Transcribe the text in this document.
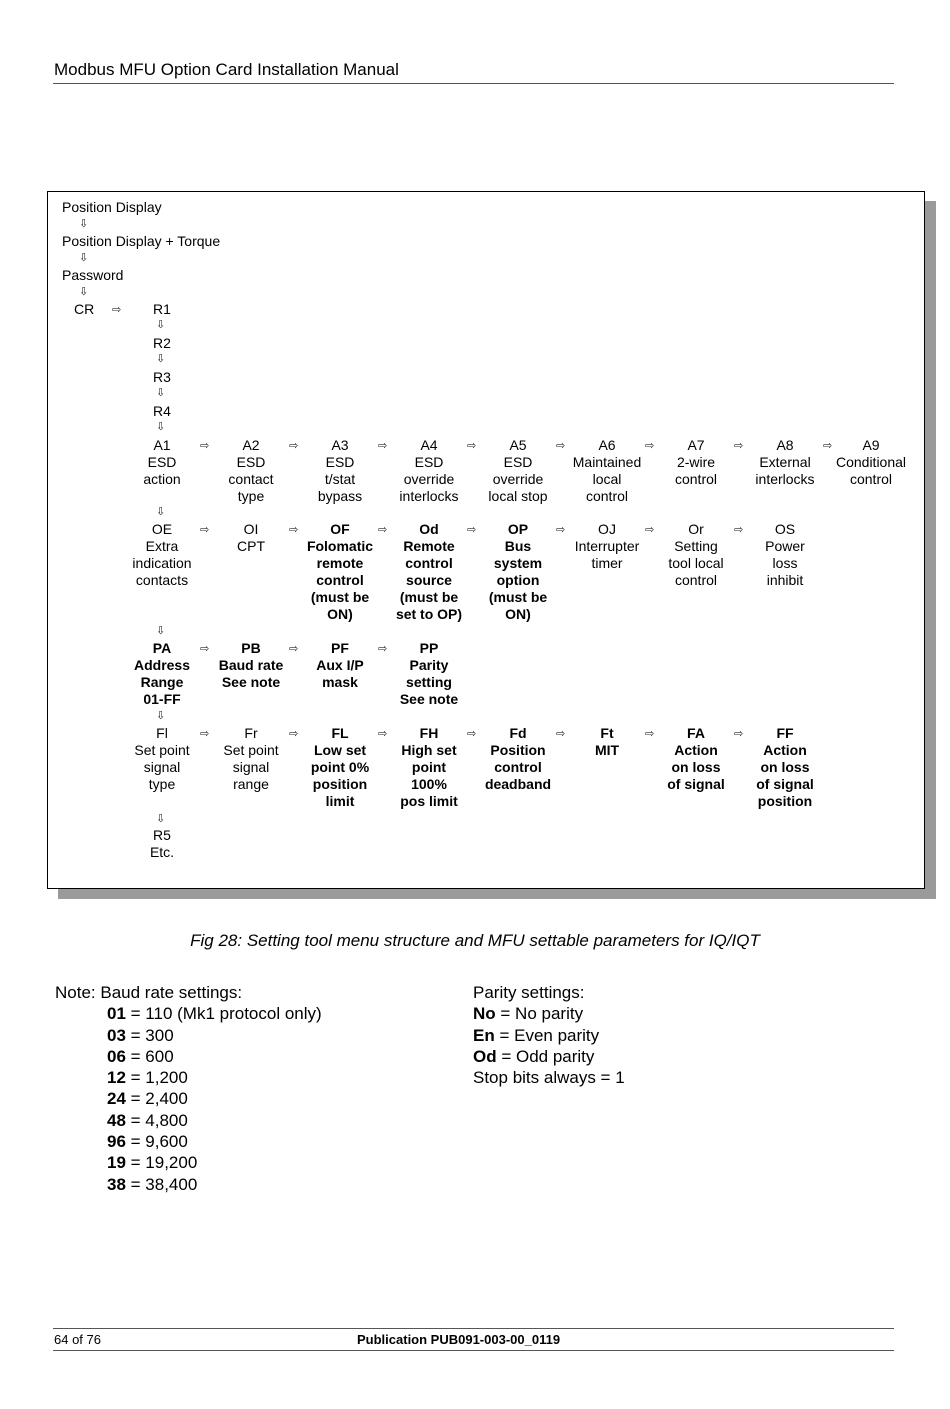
Modbus MFU Option Card Installation Manual
Position Display
⇩
Position Display + Torque
⇩
Password
⇩
CR ⇨ R1
⇩
R2
⇩
R3
⇩
R4
⇩
A1
ESD
action
⇨ A2
ESD
contact
type
⇨ A3
ESD
t/stat
bypass
⇨ A4
ESD
override
interlocks
⇨ A5
ESD
override
local stop
⇨ A6
Maintained
local
control
⇨ A7
2-wire
control
⇨ A8
External
interlocks
⇨ A9
Conditional
control
⇩
OE
Extra
indication
contacts
⇨ OI
CPT
⇨ OF
Folomatic
remote
control
(must be
ON)
⇨ Od
Remote
control
source
(must be
set to OP)
⇨ OP
Bus
system
option
(must be
ON)
⇨ OJ
Interrupter
timer
⇨ Or
Setting
tool local
control
⇨ OS
Power
loss
inhibit
⇩
PA
Address
Range
01-FF
⇨ PB
Baud rate
See note
⇨ PF
Aux I/P
mask
⇨ PP
Parity
setting
See note
⇩
Fl
Set point
signal
type
⇨	Fr
Set point
signal
range
⇨ FL
Low set
point 0%
position
limit
⇨ FH
High set
point
100%
pos limit
⇨ Fd
Position
control
deadband
⇨	Ft
MIT
⇨ FA
Action
on loss
of signal
⇨ FF
Action
on loss
of signal
position
⇩
R5
Etc.
Fig 28: Setting tool menu structure and MFU settable parameters for IQ/IQT
Note: Baud rate settings:
01 = 110 (Mk1 protocol only)
03 = 300
06 = 600
12 = 1,200
24 = 2,400
48 = 4,800
96 = 9,600
19 = 19,200
38 = 38,400
Parity settings:
No = No parity
En = Even parity
Od = Odd parity
Stop bits always = 1
64 of 76	Publication PUB091-003-00_0119
